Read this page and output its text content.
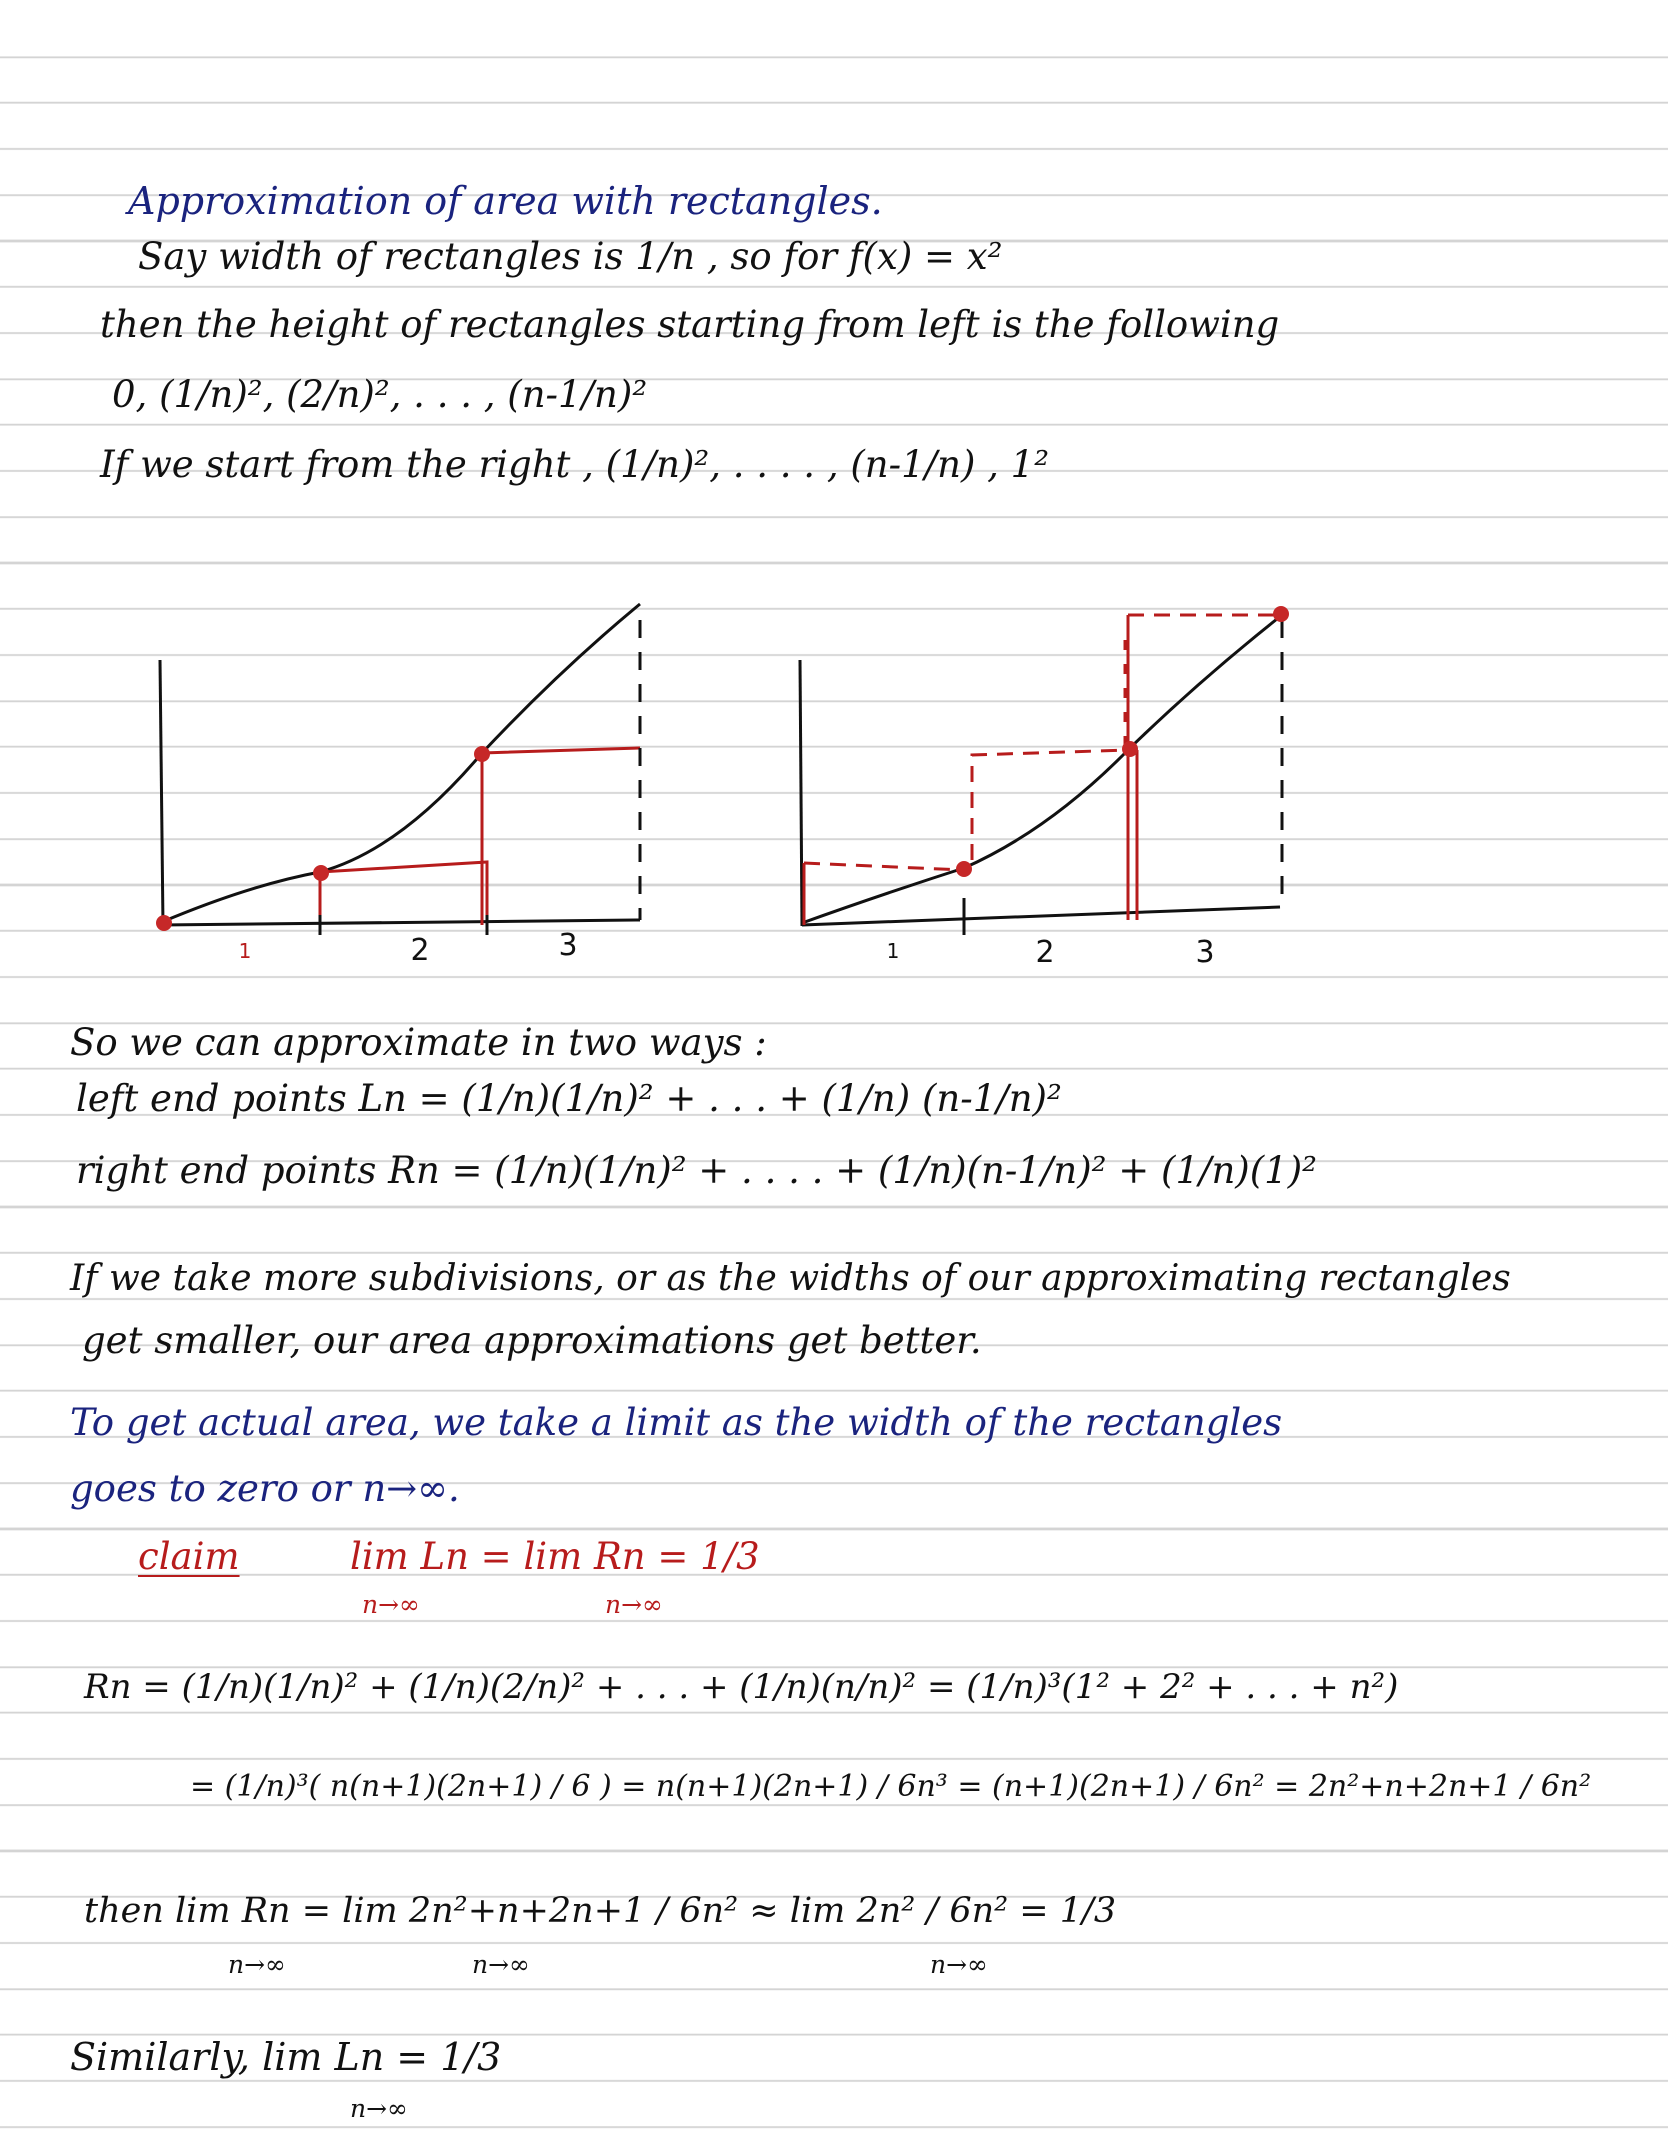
Approximation of area with rectangles.
Say width of rectangles is 1/n , so for f(x) = x²
then the height of rectangles starting from left is the following
0, (1/n)², (2/n)², . . . , (n-1/n)²
If we start from the right , (1/n)², . . . . , (n-1/n) , 1²
1	2	3	1	2	3
So we can approximate in two ways :
left end points Ln = (1/n)(1/n)² + . . . + (1/n) (n-1/n)²
right end points Rn = (1/n)(1/n)² + . . . . + (1/n)(n-1/n)² + (1/n)(1)²
If we take more subdivisions, or as the widths of our approximating rectangles
get smaller, our area approximations get better.
To get actual area, we take a limit as the width of the rectangles
goes to zero or n→∞.
claim	lim Ln = lim Rn = 1/3
n→∞	n→∞
Rn = (1/n)(1/n)² + (1/n)(2/n)² + . . . + (1/n)(n/n)² = (1/n)³(1² + 2² + . . . + n²)
= (1/n)³( n(n+1)(2n+1) / 6 ) = n(n+1)(2n+1) / 6n³ = (n+1)(2n+1) / 6n² = 2n²+n+2n+1 / 6n²
then lim Rn = lim 2n²+n+2n+1 / 6n² ≈ lim 2n² / 6n² = 1/3
n→∞	n→∞	n→∞
Similarly, lim Ln = 1/3
n→∞
